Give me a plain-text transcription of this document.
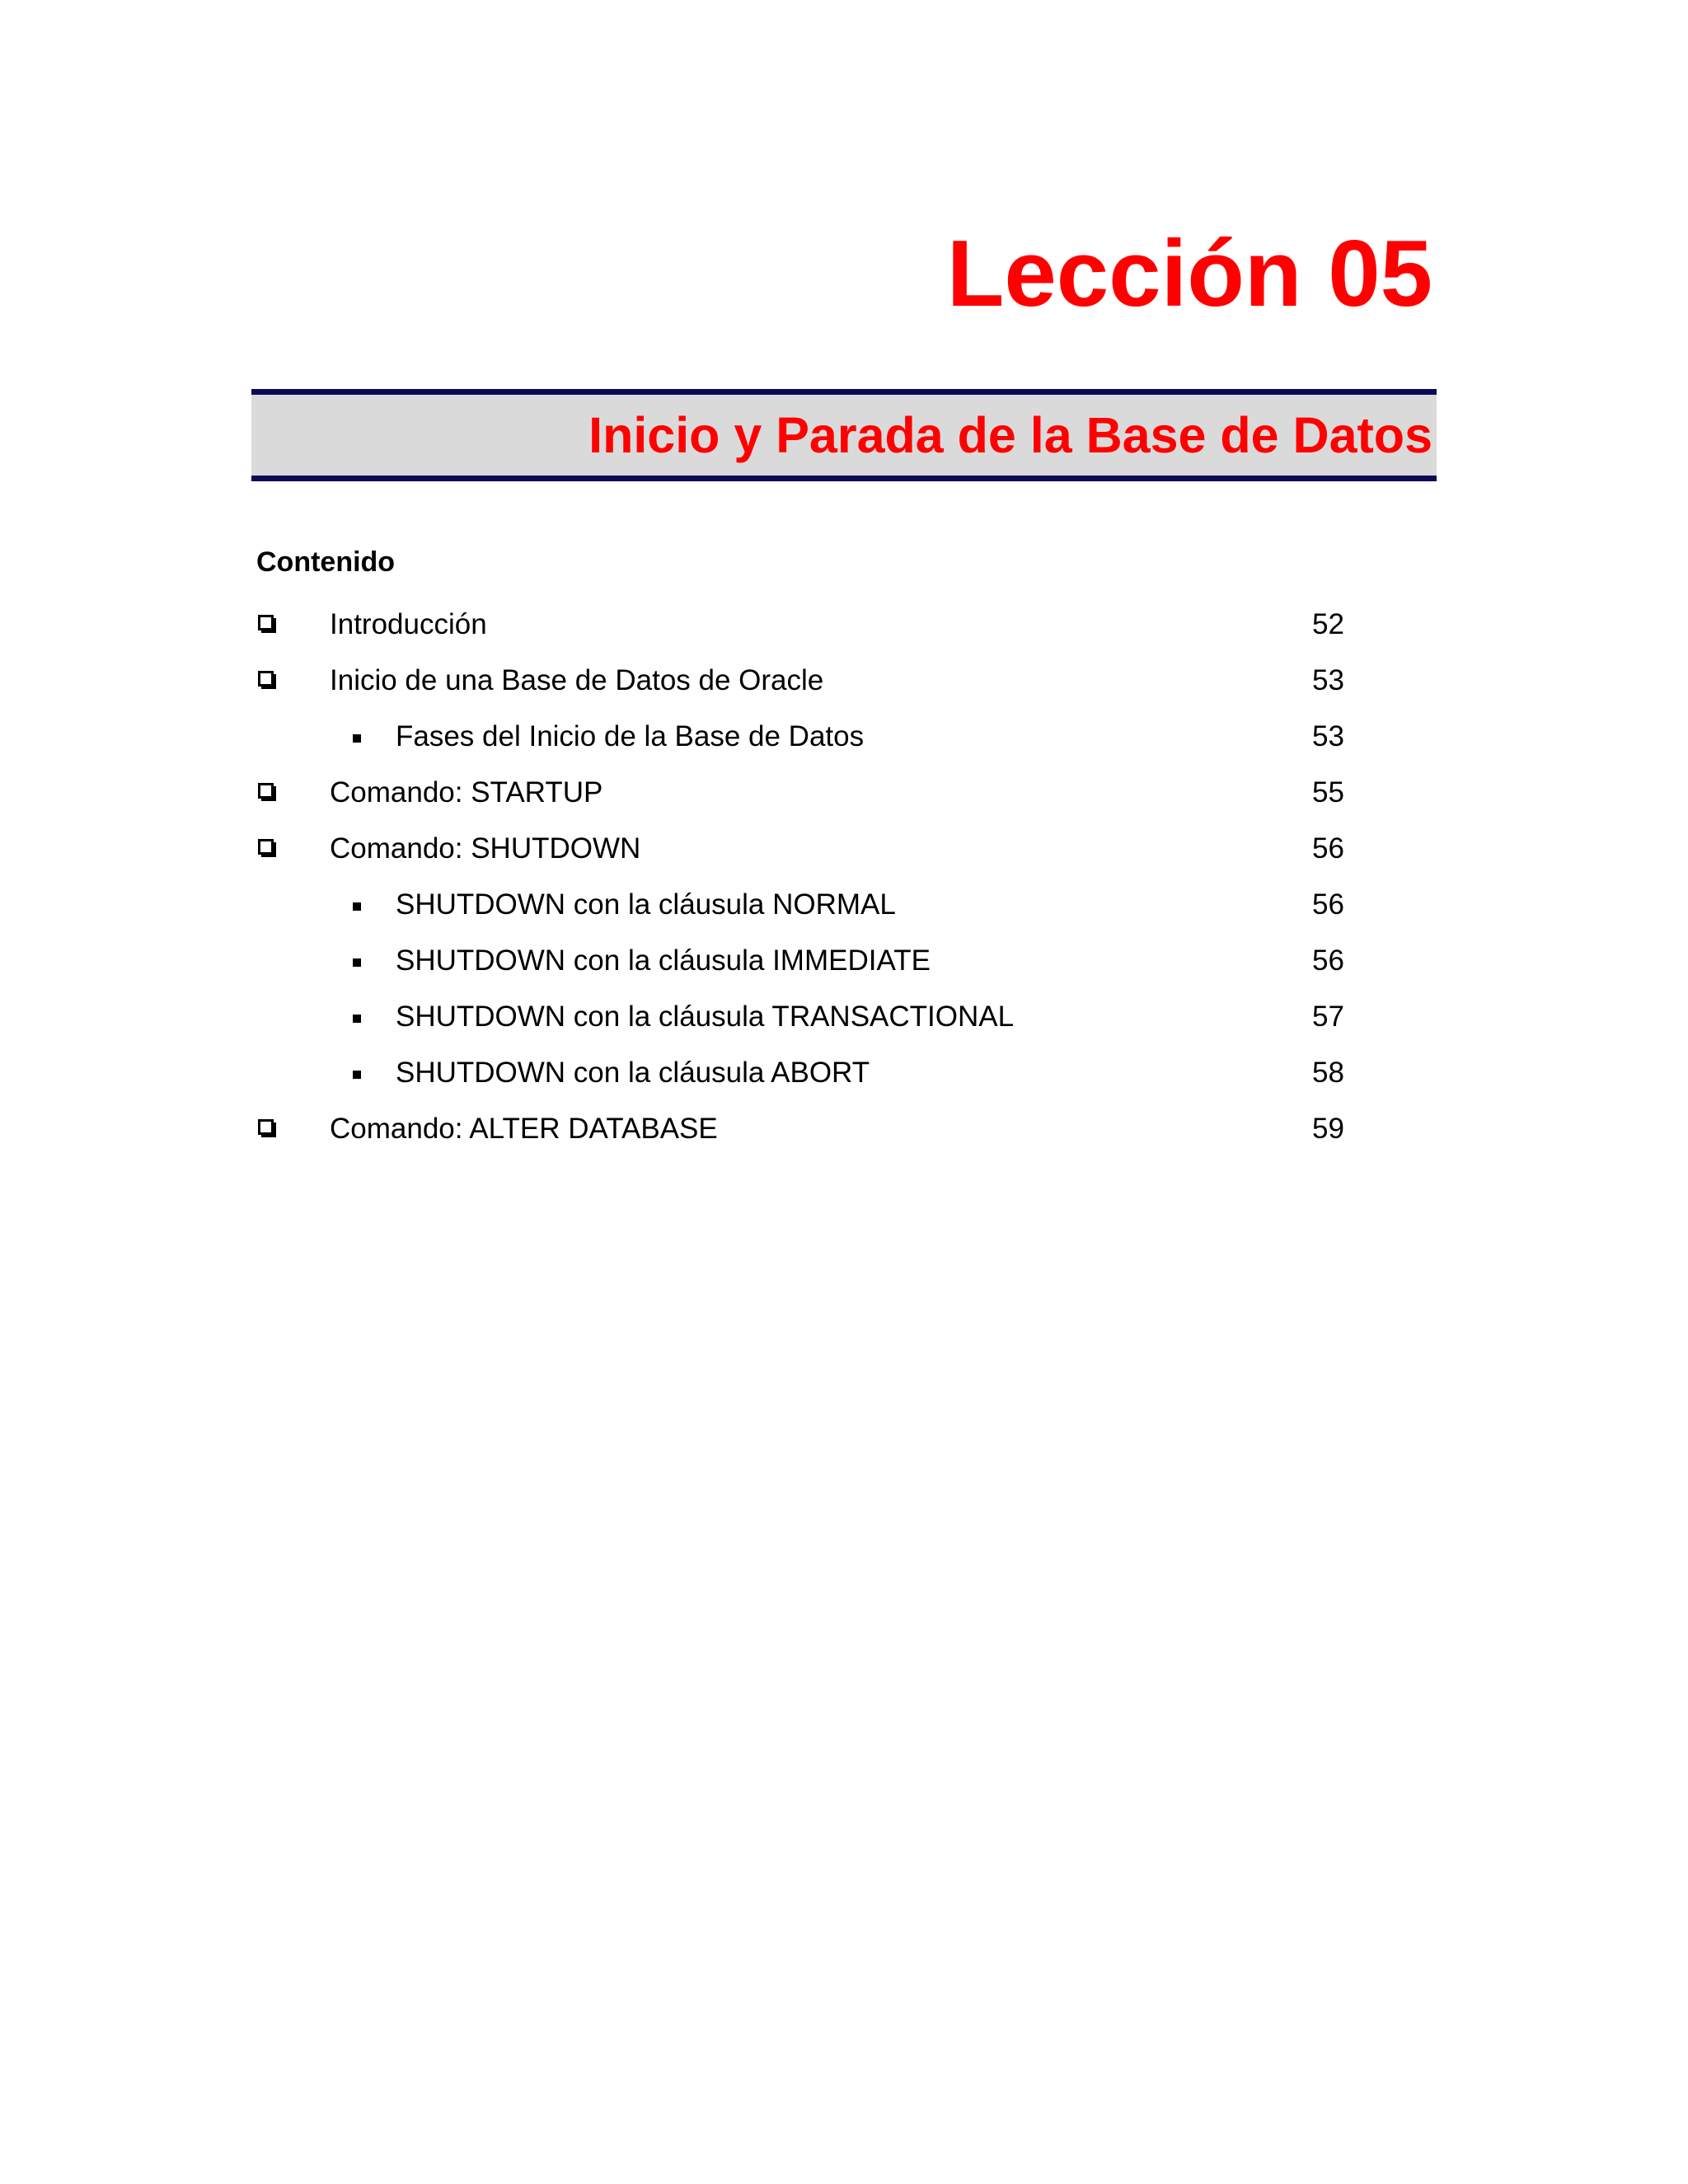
Lección 05
Inicio y Parada de la Base de Datos
Contenido
Introducción	52
Inicio de una Base de Datos de Oracle	53
Fases del Inicio de la Base de Datos	53
Comando: STARTUP	55
Comando: SHUTDOWN	56
SHUTDOWN con la cláusula NORMAL	56
SHUTDOWN con la cláusula IMMEDIATE	56
SHUTDOWN con la cláusula TRANSACTIONAL	57
SHUTDOWN con la cláusula ABORT	58
Comando: ALTER DATABASE	59
